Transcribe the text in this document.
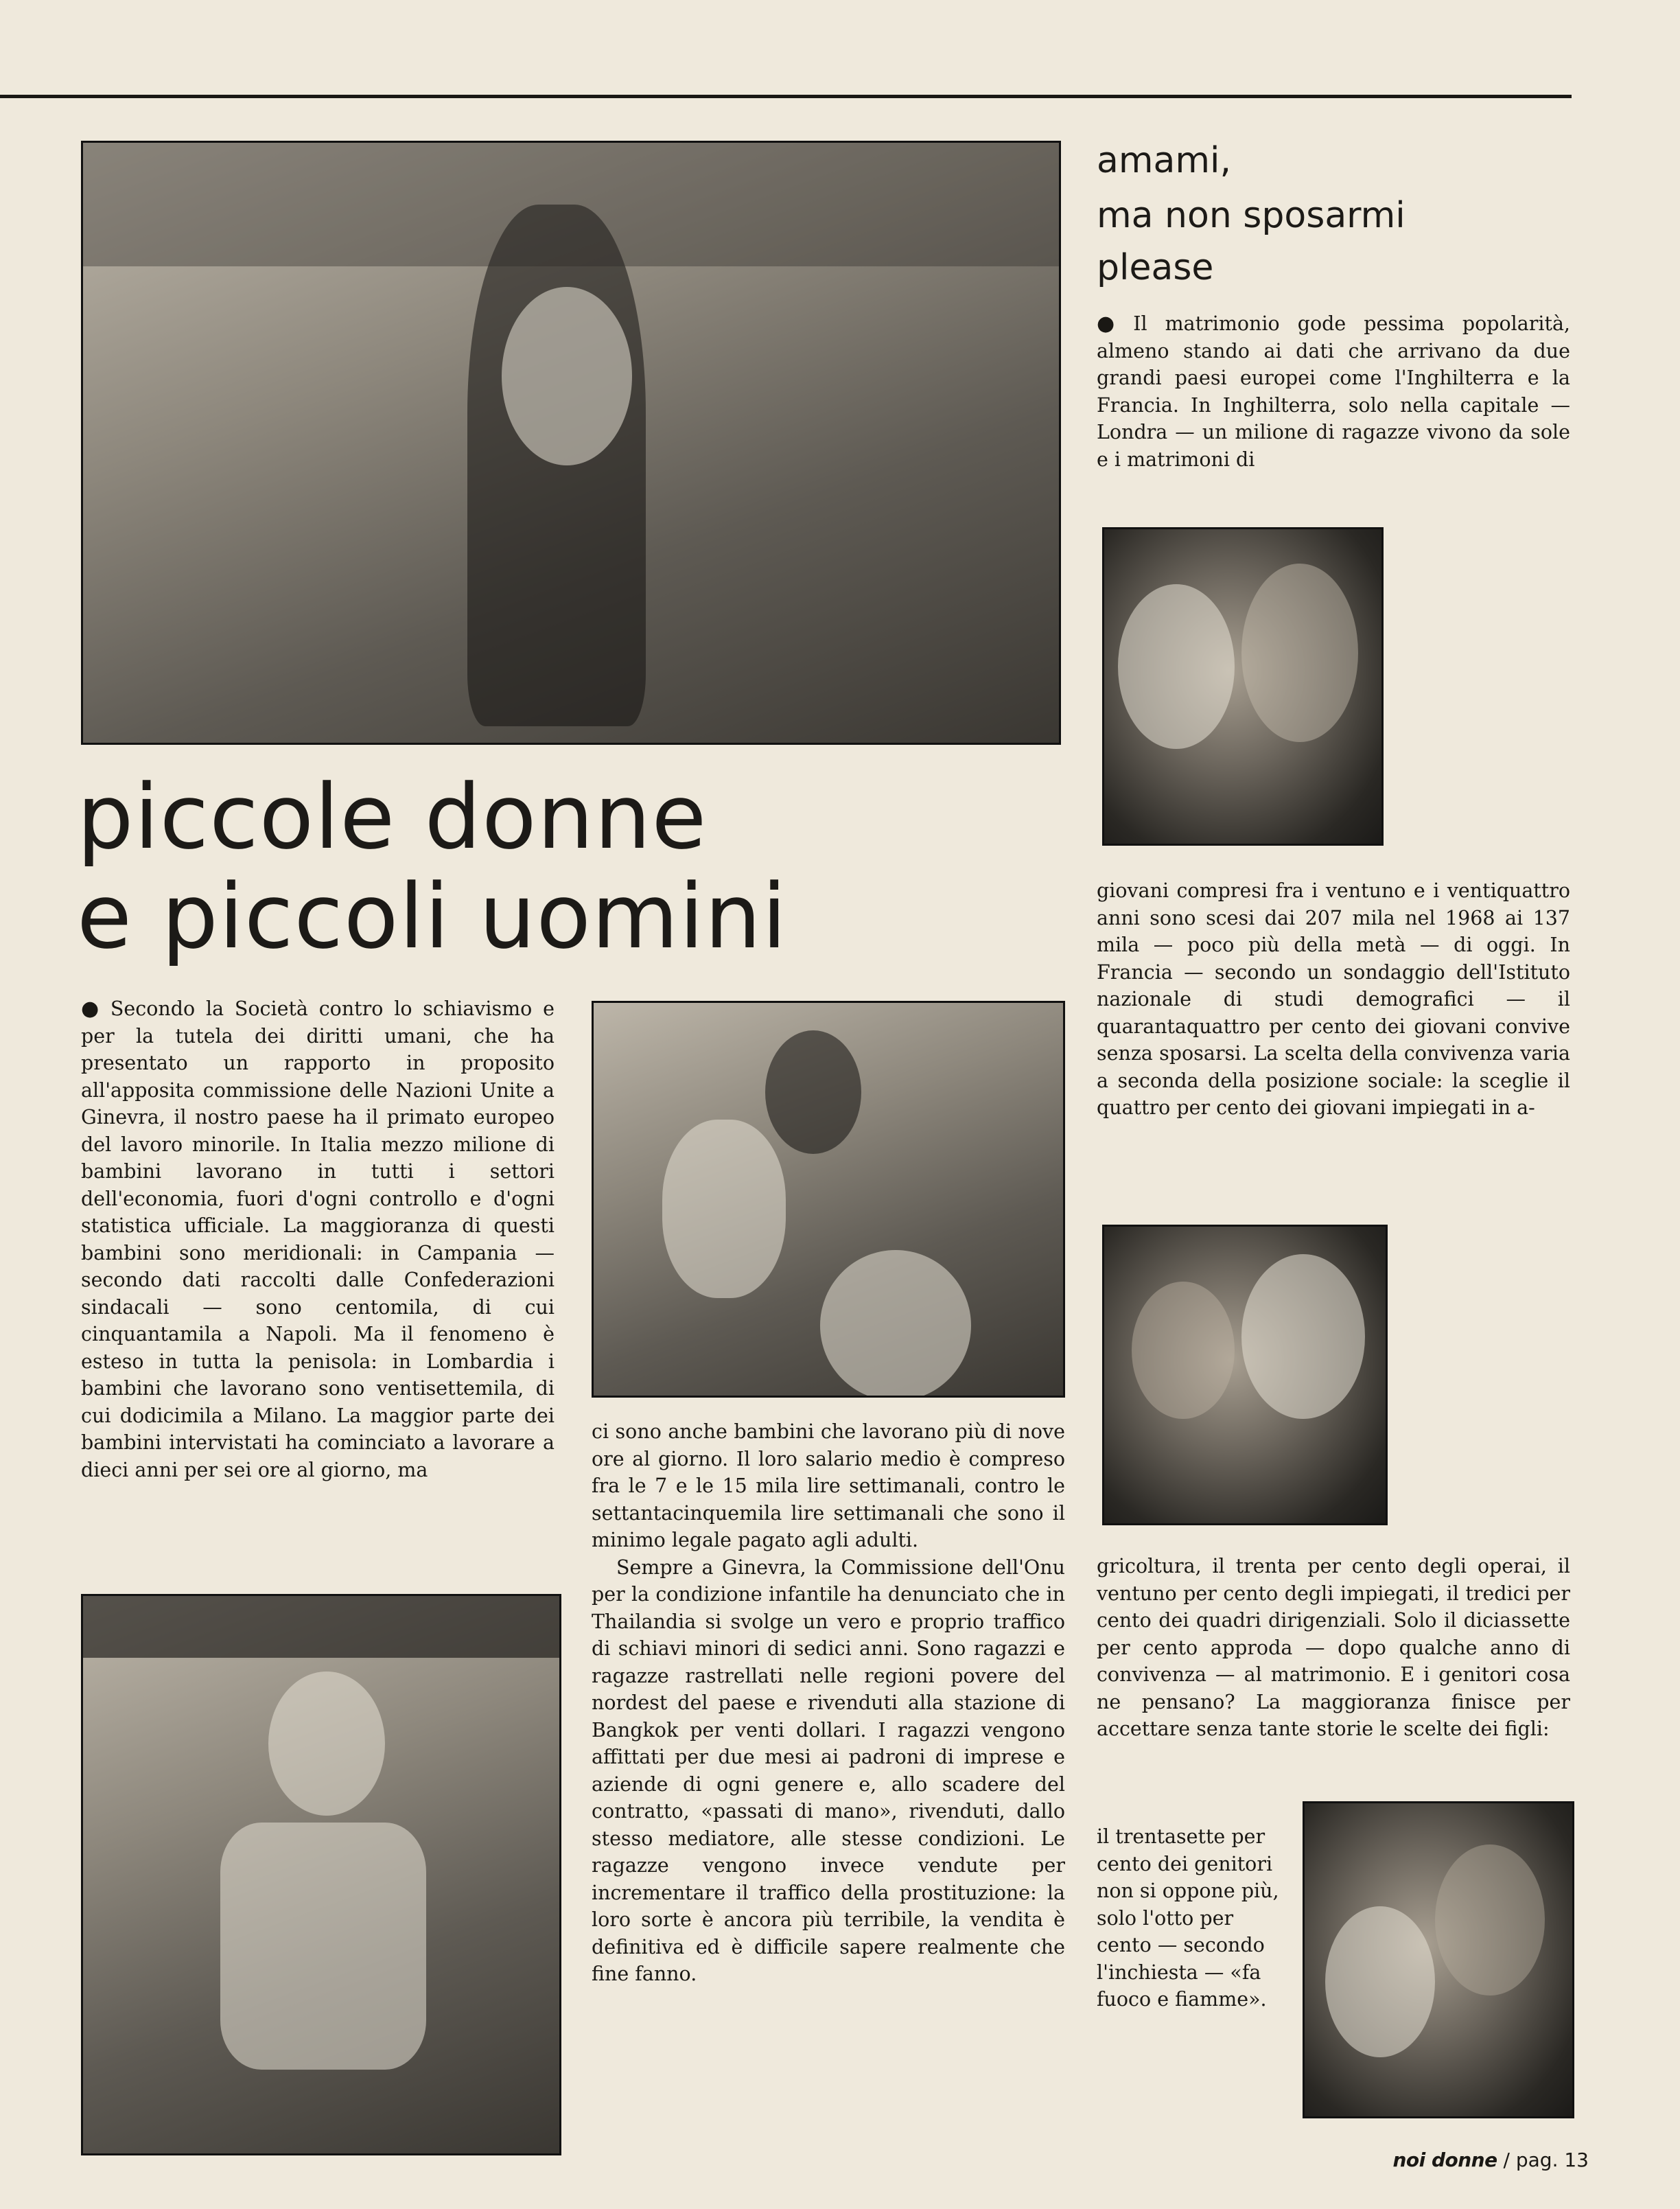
piccole donne
e piccoli uomini
● Secondo la Società contro lo schiavismo e per la tutela dei diritti umani, che ha presentato un rapporto in proposito all'apposita commissione delle Nazioni Unite a Ginevra, il nostro paese ha il primato europeo del lavoro minorile. In Italia mezzo milione di bambini lavorano in tutti i settori dell'economia, fuori d'ogni controllo e d'ogni statistica ufficiale. La maggioranza di questi bambini sono meridionali: in Campania — secondo dati raccolti dalle Confederazioni sindacali — sono centomila, di cui cinquantamila a Napoli. Ma il fenomeno è esteso in tutta la penisola: in Lombardia i bambini che lavorano sono ventisettemila, di cui dodicimila a Milano. La maggior parte dei bambini intervistati ha cominciato a lavorare a dieci anni per sei ore al giorno, ma

ci sono anche bambini che lavorano più di nove ore al giorno. Il loro salario medio è compreso fra le 7 e le 15 mila lire settimanali, contro le settantacinquemila lire settimanali che sono il minimo legale pagato agli adulti.

Sempre a Ginevra, la Commissione dell'Onu per la condizione infantile ha denunciato che in Thailandia si svolge un vero e proprio traffico di schiavi minori di sedici anni. Sono ragazzi e ragazze rastrellati nelle regioni povere del nordest del paese e rivenduti alla stazione di Bangkok per venti dollari. I ragazzi vengono affittati per due mesi ai padroni di imprese e aziende di ogni genere e, allo scadere del contratto, «passati di mano», rivenduti, dallo stesso mediatore, alle stesse condizioni. Le ragazze vengono invece vendute per incrementare il traffico della prostituzione: la loro sorte è ancora più terribile, la vendita è definitiva ed è difficile sapere realmente che fine fanno.

amami,
ma non sposarmi
please
● Il matrimonio gode pessima popolarità, almeno stando ai dati che arrivano da due grandi paesi europei come l'Inghilterra e la Francia. In Inghilterra, solo nella capitale — Londra — un milione di ragazze vivono da sole e i matrimoni di

giovani compresi fra i ventuno e i ventiquattro anni sono scesi dai 207 mila nel 1968 ai 137 mila — poco più della metà — di oggi. In Francia — secondo un sondaggio dell'Istituto nazionale di studi demografici — il quarantaquattro per cento dei giovani convive senza sposarsi. La scelta della convivenza varia a seconda della posizione sociale: la sceglie il quattro per cento dei giovani impiegati in a-

gricoltura, il trenta per cento degli operai, il ventuno per cento degli impiegati, il tredici per cento dei quadri dirigenziali. Solo il diciassette per cento approda — dopo qualche anno di convivenza — al matrimonio. E i genitori cosa ne pensano? La maggioranza finisce per accettare senza tante storie le scelte dei figli:

il trentasette per cento dei genitori non si oppone più, solo l'otto per cento — secondo l'inchiesta — «fa fuoco e fiamme».

noi donne / pag. 13
